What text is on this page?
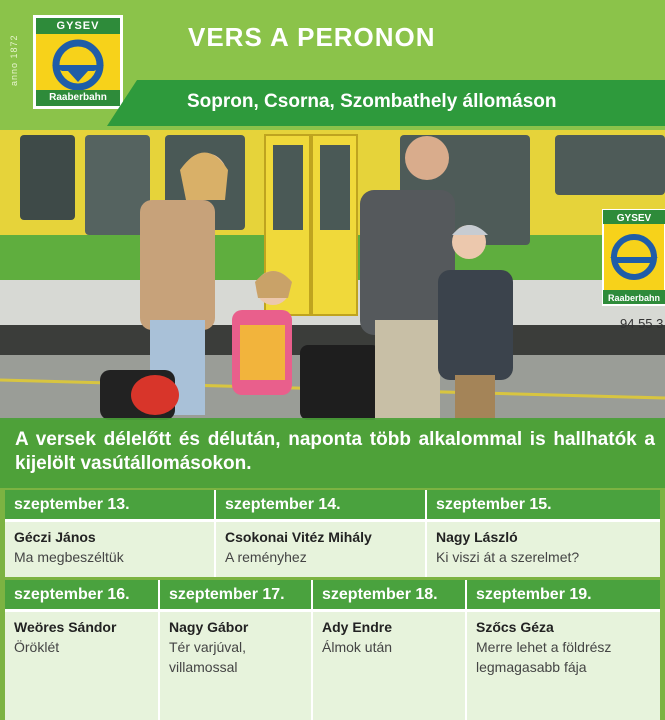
anno 1872
GYSEV
Raaberbahn
VERS A PERONON
Sopron, Csorna, Szombathely állomáson
GYSEV
Raaberbahn
94 55 3

A versek délelőtt és délután, naponta több alkalommal is hallhatók a kijelölt vasútállomásokon.

szeptember 13.
Géczi János
Ma megbeszéltük
szeptember 14.
Csokonai Vitéz Mihály
A reményhez
szeptember 15.
Nagy László
Ki viszi át a szerelmet?
szeptember 16.
Weöres Sándor
Öröklét
szeptember 17.
Nagy Gábor
Tér varjúval, villamossal
szeptember 18.
Ady Endre
Álmok után
szeptember 19.
Szőcs Géza
Merre lehet a földrész legmagasabb fája
